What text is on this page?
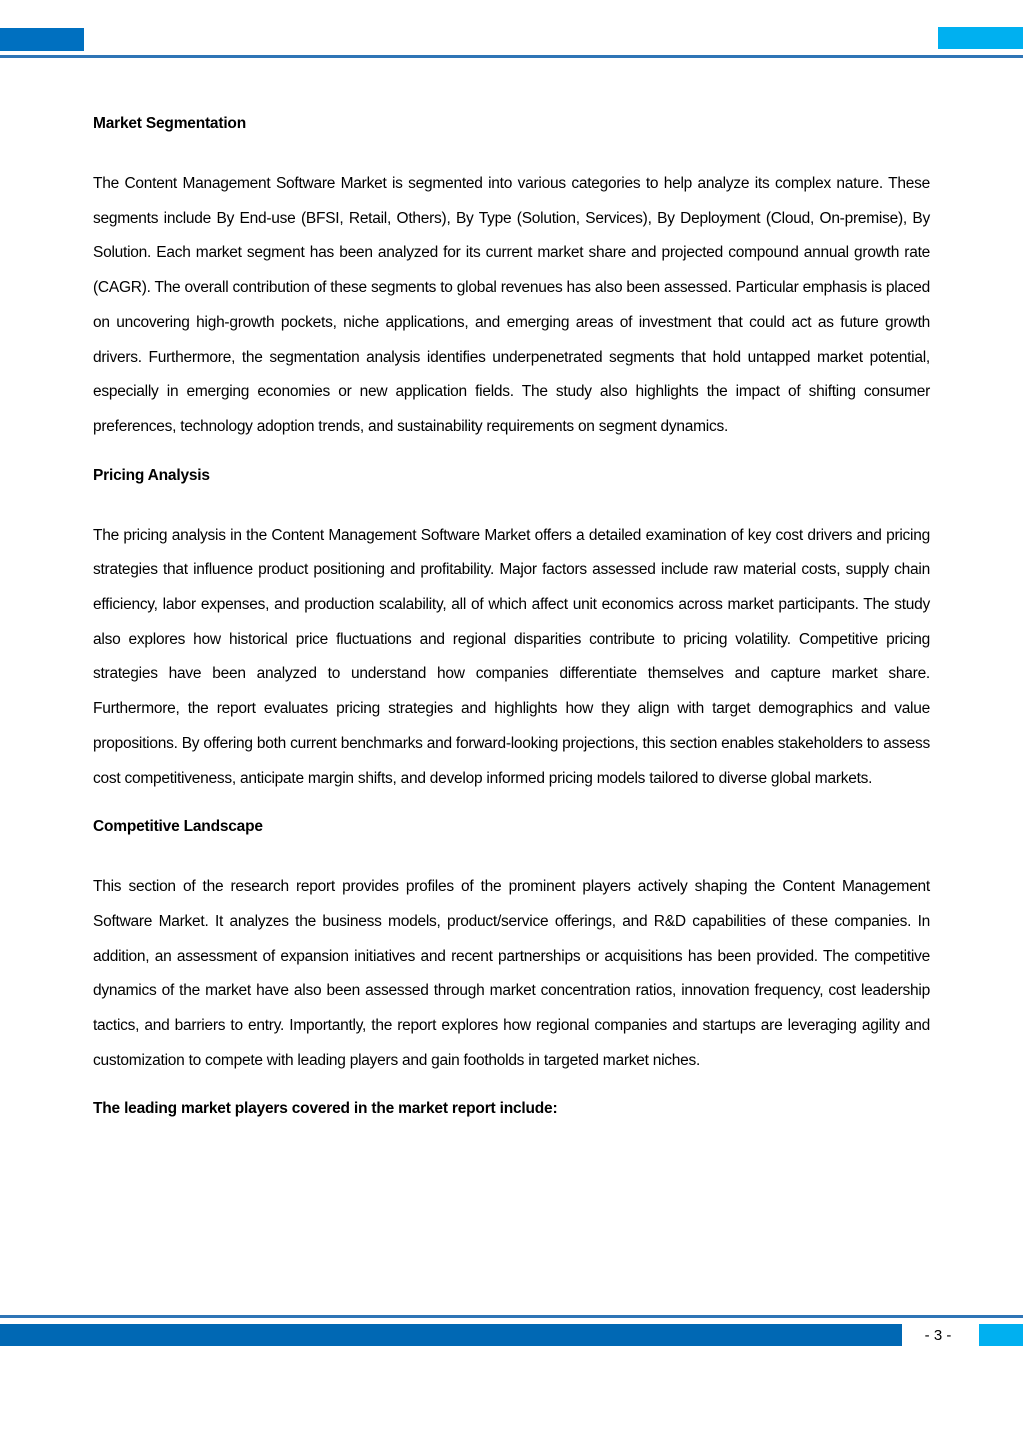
Market Segmentation

The Content Management Software Market is segmented into various categories to help analyze its complex nature. These segments include By End-use (BFSI, Retail, Others), By Type (Solution, Services), By Deployment (Cloud, On-premise), By Solution. Each market segment has been analyzed for its current market share and projected compound annual growth rate (CAGR). The overall contribution of these segments to global revenues has also been assessed. Particular emphasis is placed on uncovering high-growth pockets, niche applications, and emerging areas of investment that could act as future growth drivers. Furthermore, the segmentation analysis identifies underpenetrated segments that hold untapped market potential, especially in emerging economies or new application fields. The study also highlights the impact of shifting consumer preferences, technology adoption trends, and sustainability requirements on segment dynamics.

Pricing Analysis

The pricing analysis in the Content Management Software Market offers a detailed examination of key cost drivers and pricing strategies that influence product positioning and profitability. Major factors assessed include raw material costs, supply chain efficiency, labor expenses, and production scalability, all of which affect unit economics across market participants. The study also explores how historical price fluctuations and regional disparities contribute to pricing volatility. Competitive pricing strategies have been analyzed to understand how companies differentiate themselves and capture market share. Furthermore, the report evaluates pricing strategies and highlights how they align with target demographics and value propositions. By offering both current benchmarks and forward-looking projections, this section enables stakeholders to assess cost competitiveness, anticipate margin shifts, and develop informed pricing models tailored to diverse global markets.

Competitive Landscape

This section of the research report provides profiles of the prominent players actively shaping the Content Management Software Market. It analyzes the business models, product/service offerings, and R&D capabilities of these companies. In addition, an assessment of expansion initiatives and recent partnerships or acquisitions has been provided. The competitive dynamics of the market have also been assessed through market concentration ratios, innovation frequency, cost leadership tactics, and barriers to entry. Importantly, the report explores how regional companies and startups are leveraging agility and customization to compete with leading players and gain footholds in targeted market niches.

The leading market players covered in the market report include:
- 3 -
